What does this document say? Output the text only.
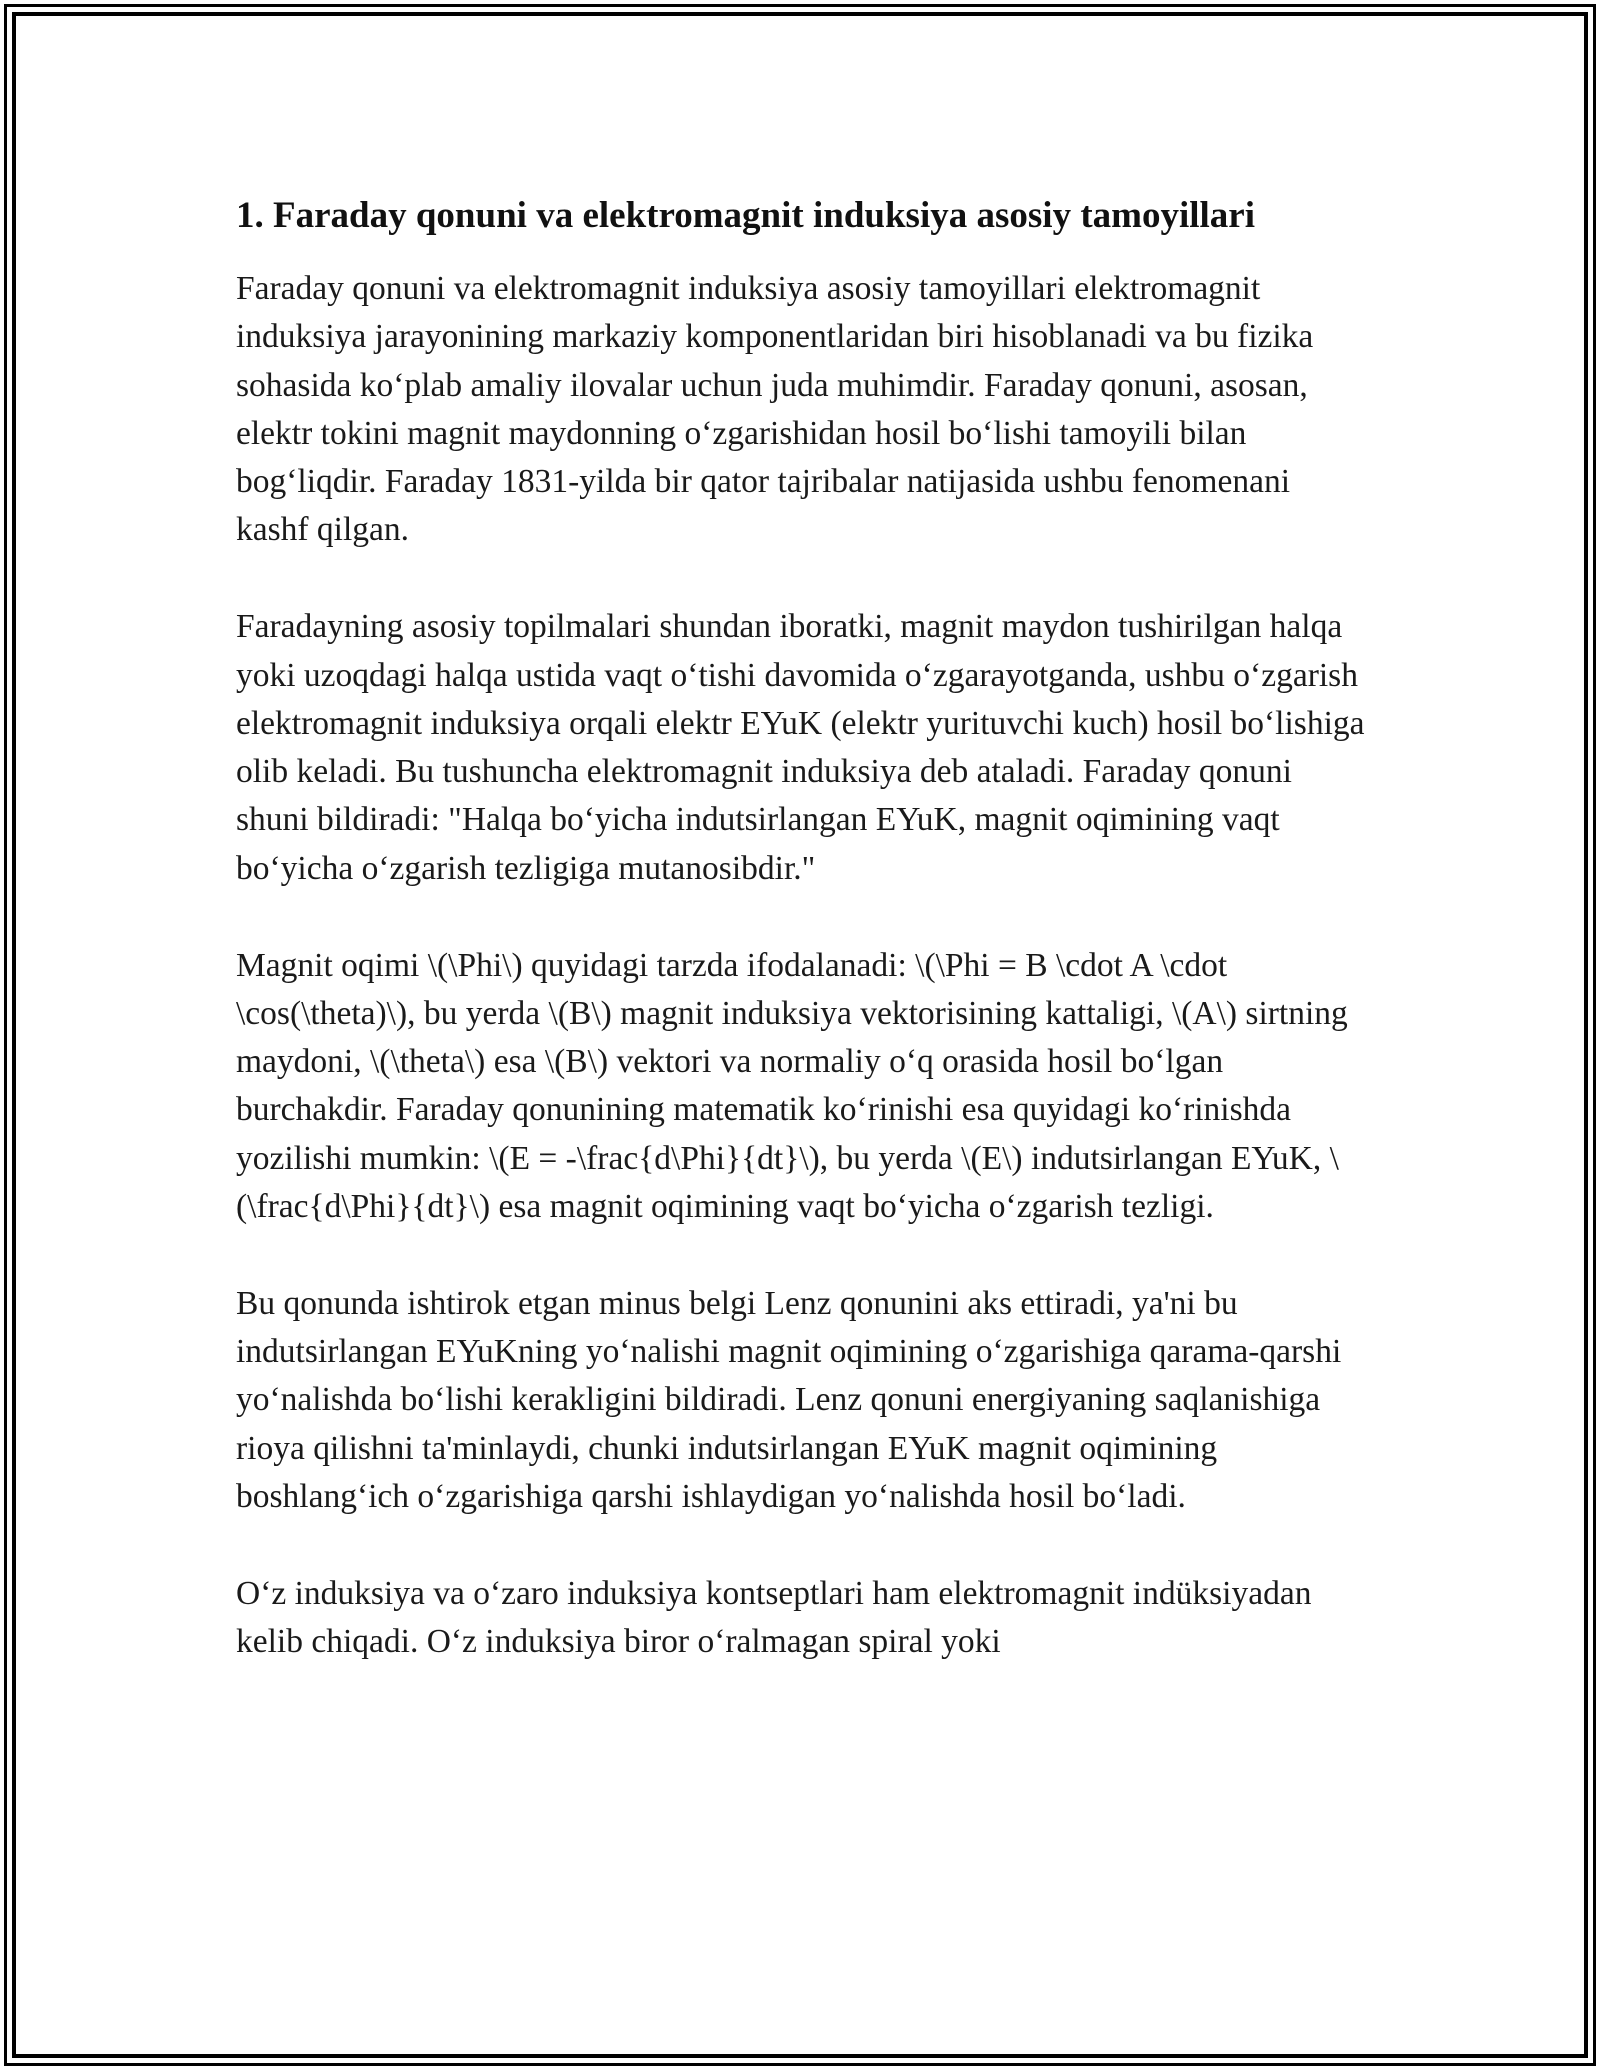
1. Faraday qonuni va elektromagnit induksiya asosiy tamoyillari

Faraday qonuni va elektromagnit induksiya asosiy tamoyillari elektromagnit induksiya jarayonining markaziy komponentlaridan biri hisoblanadi va bu fizika sohasida ko‘plab amaliy ilovalar uchun juda muhimdir. Faraday qonuni, asosan, elektr tokini magnit maydonning o‘zgarishidan hosil bo‘lishi tamoyili bilan bog‘liqdir. Faraday 1831-yilda bir qator tajribalar natijasida ushbu fenomenani kashf qilgan.

Faradayning asosiy topilmalari shundan iboratki, magnit maydon tushirilgan halqa yoki uzoqdagi halqa ustida vaqt o‘tishi davomida o‘zgarayotganda, ushbu o‘zgarish elektromagnit induksiya orqali elektr EYuK (elektr yurituvchi kuch) hosil bo‘lishiga olib keladi. Bu tushuncha elektromagnit induksiya deb ataladi. Faraday qonuni shuni bildiradi: "Halqa bo‘yicha indutsirlangan EYuK, magnit oqimining vaqt bo‘yicha o‘zgarish tezligiga mutanosibdir."

Magnit oqimi \(\Phi\) quyidagi tarzda ifodalanadi: \(\Phi = B \cdot A \cdot \cos(\theta)\), bu yerda \(B\) magnit induksiya vektorisining kattaligi, \(A\) sirtning maydoni, \(\theta\) esa \(B\) vektori va normaliy o‘q orasida hosil bo‘lgan burchakdir. Faraday qonunining matematik ko‘rinishi esa quyidagi ko‘rinishda yozilishi mumkin: \(E = -\frac{d\Phi}{dt}\), bu yerda \(E\) indutsirlangan EYuK, \(\frac{d\Phi}{dt}\) esa magnit oqimining vaqt bo‘yicha o‘zgarish tezligi.

Bu qonunda ishtirok etgan minus belgi Lenz qonunini aks ettiradi, ya'ni bu indutsirlangan EYuKning yo‘nalishi magnit oqimining o‘zgarishiga qarama-qarshi yo‘nalishda bo‘lishi kerakligini bildiradi. Lenz qonuni energiyaning saqlanishiga rioya qilishni ta'minlaydi, chunki indutsirlangan EYuK magnit oqimining boshlang‘ich o‘zgarishiga qarshi ishlaydigan yo‘nalishda hosil bo‘ladi.

O‘z induksiya va o‘zaro induksiya kontseptlari ham elektromagnit indüksiyadan kelib chiqadi. O‘z induksiya biror o‘ralmagan spiral yoki
